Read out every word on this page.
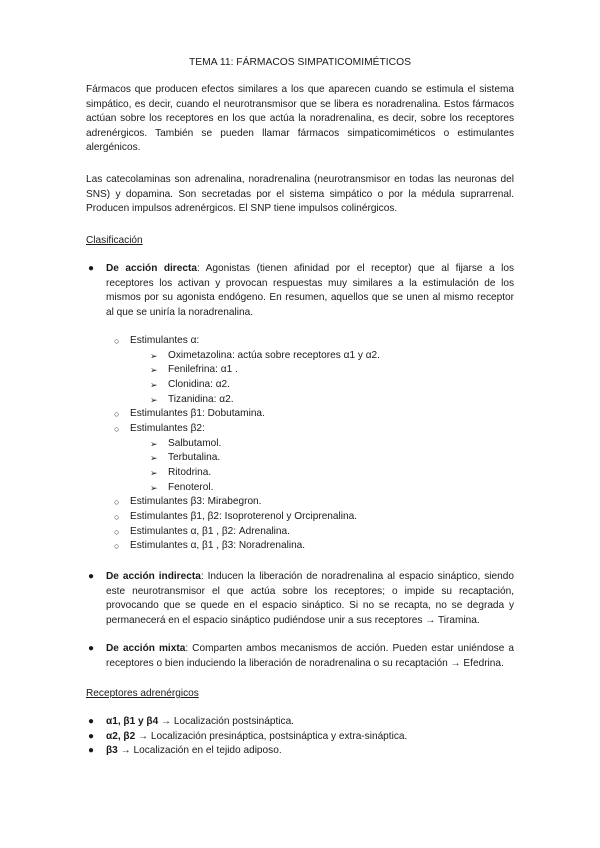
TEMA 11: FÁRMACOS SIMPATICOMIMÉTICOS

Fármacos que producen efectos similares a los que aparecen cuando se estimula el sistema simpático, es decir, cuando el neurotransmisor que se libera es noradrenalina. Estos fármacos actúan sobre los receptores en los que actúa la noradrenalina, es decir, sobre los receptores adrenérgicos. También se pueden llamar fármacos simpaticomiméticos o estimulantes alergénicos.

Las catecolaminas son adrenalina, noradrenalina (neurotransmisor en todas las neuronas del SNS) y dopamina. Son secretadas por el sistema simpático o por la médula suprarrenal. Producen impulsos adrenérgicos. El SNP tiene impulsos colinérgicos.

Clasificación

● De acción directa: Agonistas (tienen afinidad por el receptor) que al fijarse a los receptores los activan y provocan respuestas muy similares a la estimulación de los mismos por su agonista endógeno. En resumen, aquellos que se unen al mismo receptor al que se uniría la noradrenalina.
○ Estimulantes α:
➢ Oximetazolina: actúa sobre receptores α1 y α2.
➢ Fenilefrina: α1 .
➢ Clonidina: α2.
➢ Tizanidina: α2.
○ Estimulantes β1: Dobutamina.
○ Estimulantes β2:
➢ Salbutamol.
➢ Terbutalina.
➢ Ritodrina.
➢ Fenoterol.
○ Estimulantes β3: Mirabegron.
○ Estimulantes β1, β2: Isoproterenol y Orciprenalina.
○ Estimulantes α, β1 , β2: Adrenalina.
○ Estimulantes α, β1 , β3: Noradrenalina.
● De acción indirecta: Inducen la liberación de noradrenalina al espacio sináptico, siendo este neurotransmisor el que actúa sobre los receptores; o impide su recaptación, provocando que se quede en el espacio sináptico. Si no se recapta, no se degrada y permanecerá en el espacio sináptico pudiéndose unir a sus receptores → Tiramina.
● De acción mixta: Comparten ambos mecanismos de acción. Pueden estar uniéndose a receptores o bien induciendo la liberación de noradrenalina o su recaptación → Efedrina.

Receptores adrenérgicos

● α1, β1 y β4 → Localización postsináptica.
● α2, β2 → Localización presináptica, postsináptica y extra-sináptica.
● β3 → Localización en el tejido adiposo.
